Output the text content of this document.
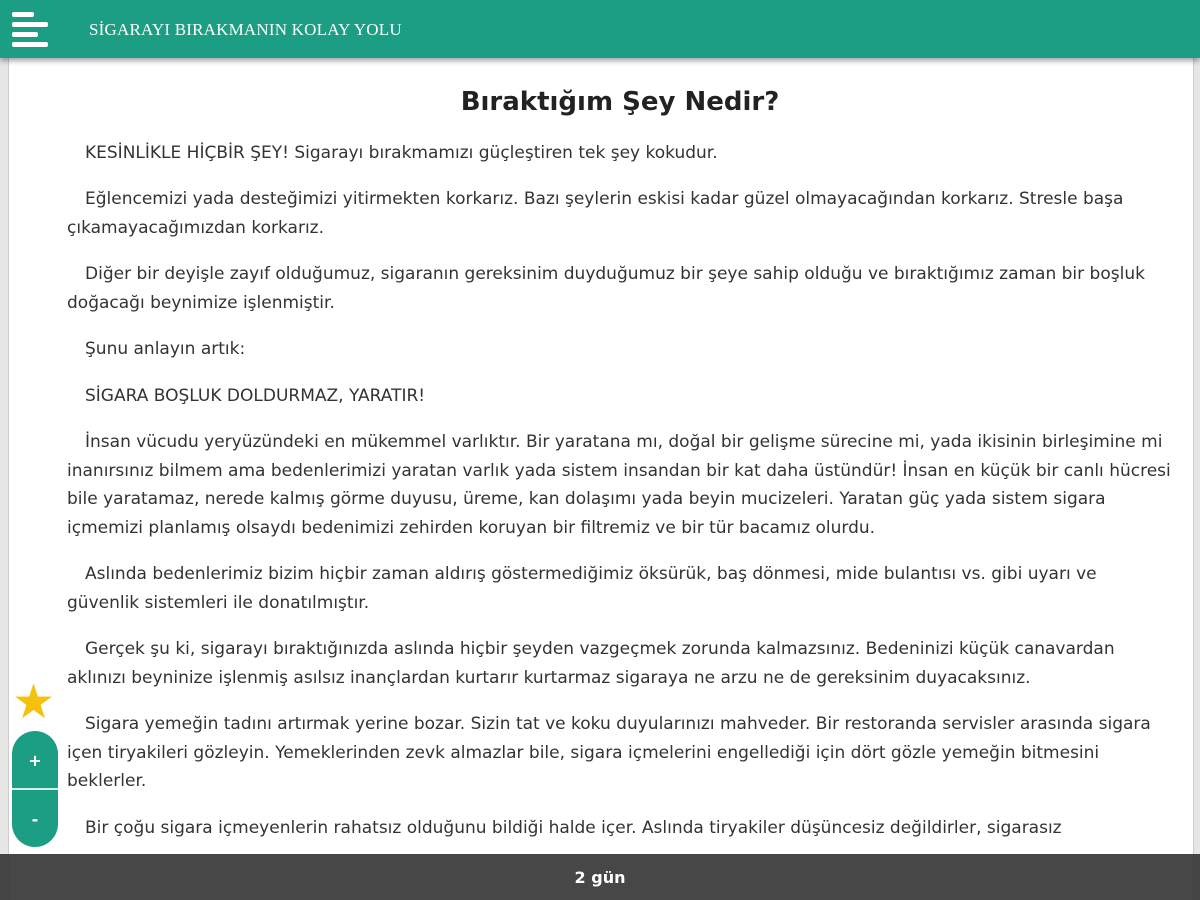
SİGARAYI BIRAKMANIN KOLAY YOLU
Bıraktığım Şey Nedir?

KESİNLİKLE HİÇBİR ŞEY! Sigarayı bırakmamızı güçleştiren tek şey kokudur.

Eğlencemizi yada desteğimizi yitirmekten korkarız. Bazı şeylerin eskisi kadar güzel olmayacağından korkarız. Stresle başa çıkamayacağımızdan korkarız.

Diğer bir deyişle zayıf olduğumuz, sigaranın gereksinim duyduğumuz bir şeye sahip olduğu ve bıraktığımız zaman bir boşluk doğacağı beynimize işlenmiştir.

Şunu anlayın artık:

SİGARA BOŞLUK DOLDURMAZ, YARATIR!

İnsan vücudu yeryüzündeki en mükemmel varlıktır. Bir yaratana mı, doğal bir gelişme sürecine mi, yada ikisinin birleşimine mi inanırsınız bilmem ama bedenlerimizi yaratan varlık yada sistem insandan bir kat daha üstündür! İnsan en küçük bir canlı hücresi bile yaratamaz, nerede kalmış görme duyusu, üreme, kan dolaşımı yada beyin mucizeleri. Yaratan güç yada sistem sigara içmemizi planlamış olsaydı bedenimizi zehirden koruyan bir filtremiz ve bir tür bacamız olurdu.

Aslında bedenlerimiz bizim hiçbir zaman aldırış göstermediğimiz öksürük, baş dönmesi, mide bulantısı vs. gibi uyarı ve güvenlik sistemleri ile donatılmıştır.

Gerçek şu ki, sigarayı bıraktığınızda aslında hiçbir şeyden vazgeçmek zorunda kalmazsınız. Bedeninizi küçük canavardan aklınızı beyninize işlenmiş asılsız inançlardan kurtarır kurtarmaz sigaraya ne arzu ne de gereksinim duyacaksınız.

Sigara yemeğin tadını artırmak yerine bozar. Sizin tat ve koku duyularınızı mahveder. Bir restoranda servisler arasında sigara içen tiryakileri gözleyin. Yemeklerinden zevk almazlar bile, sigara içmelerini engellediği için dört gözle yemeğin bitmesini beklerler.

Bir çoğu sigara içmeyenlerin rahatsız olduğunu bildiği halde içer. Aslında tiryakiler düşüncesiz değildirler, sigarasız

★
+
-
2 gün
